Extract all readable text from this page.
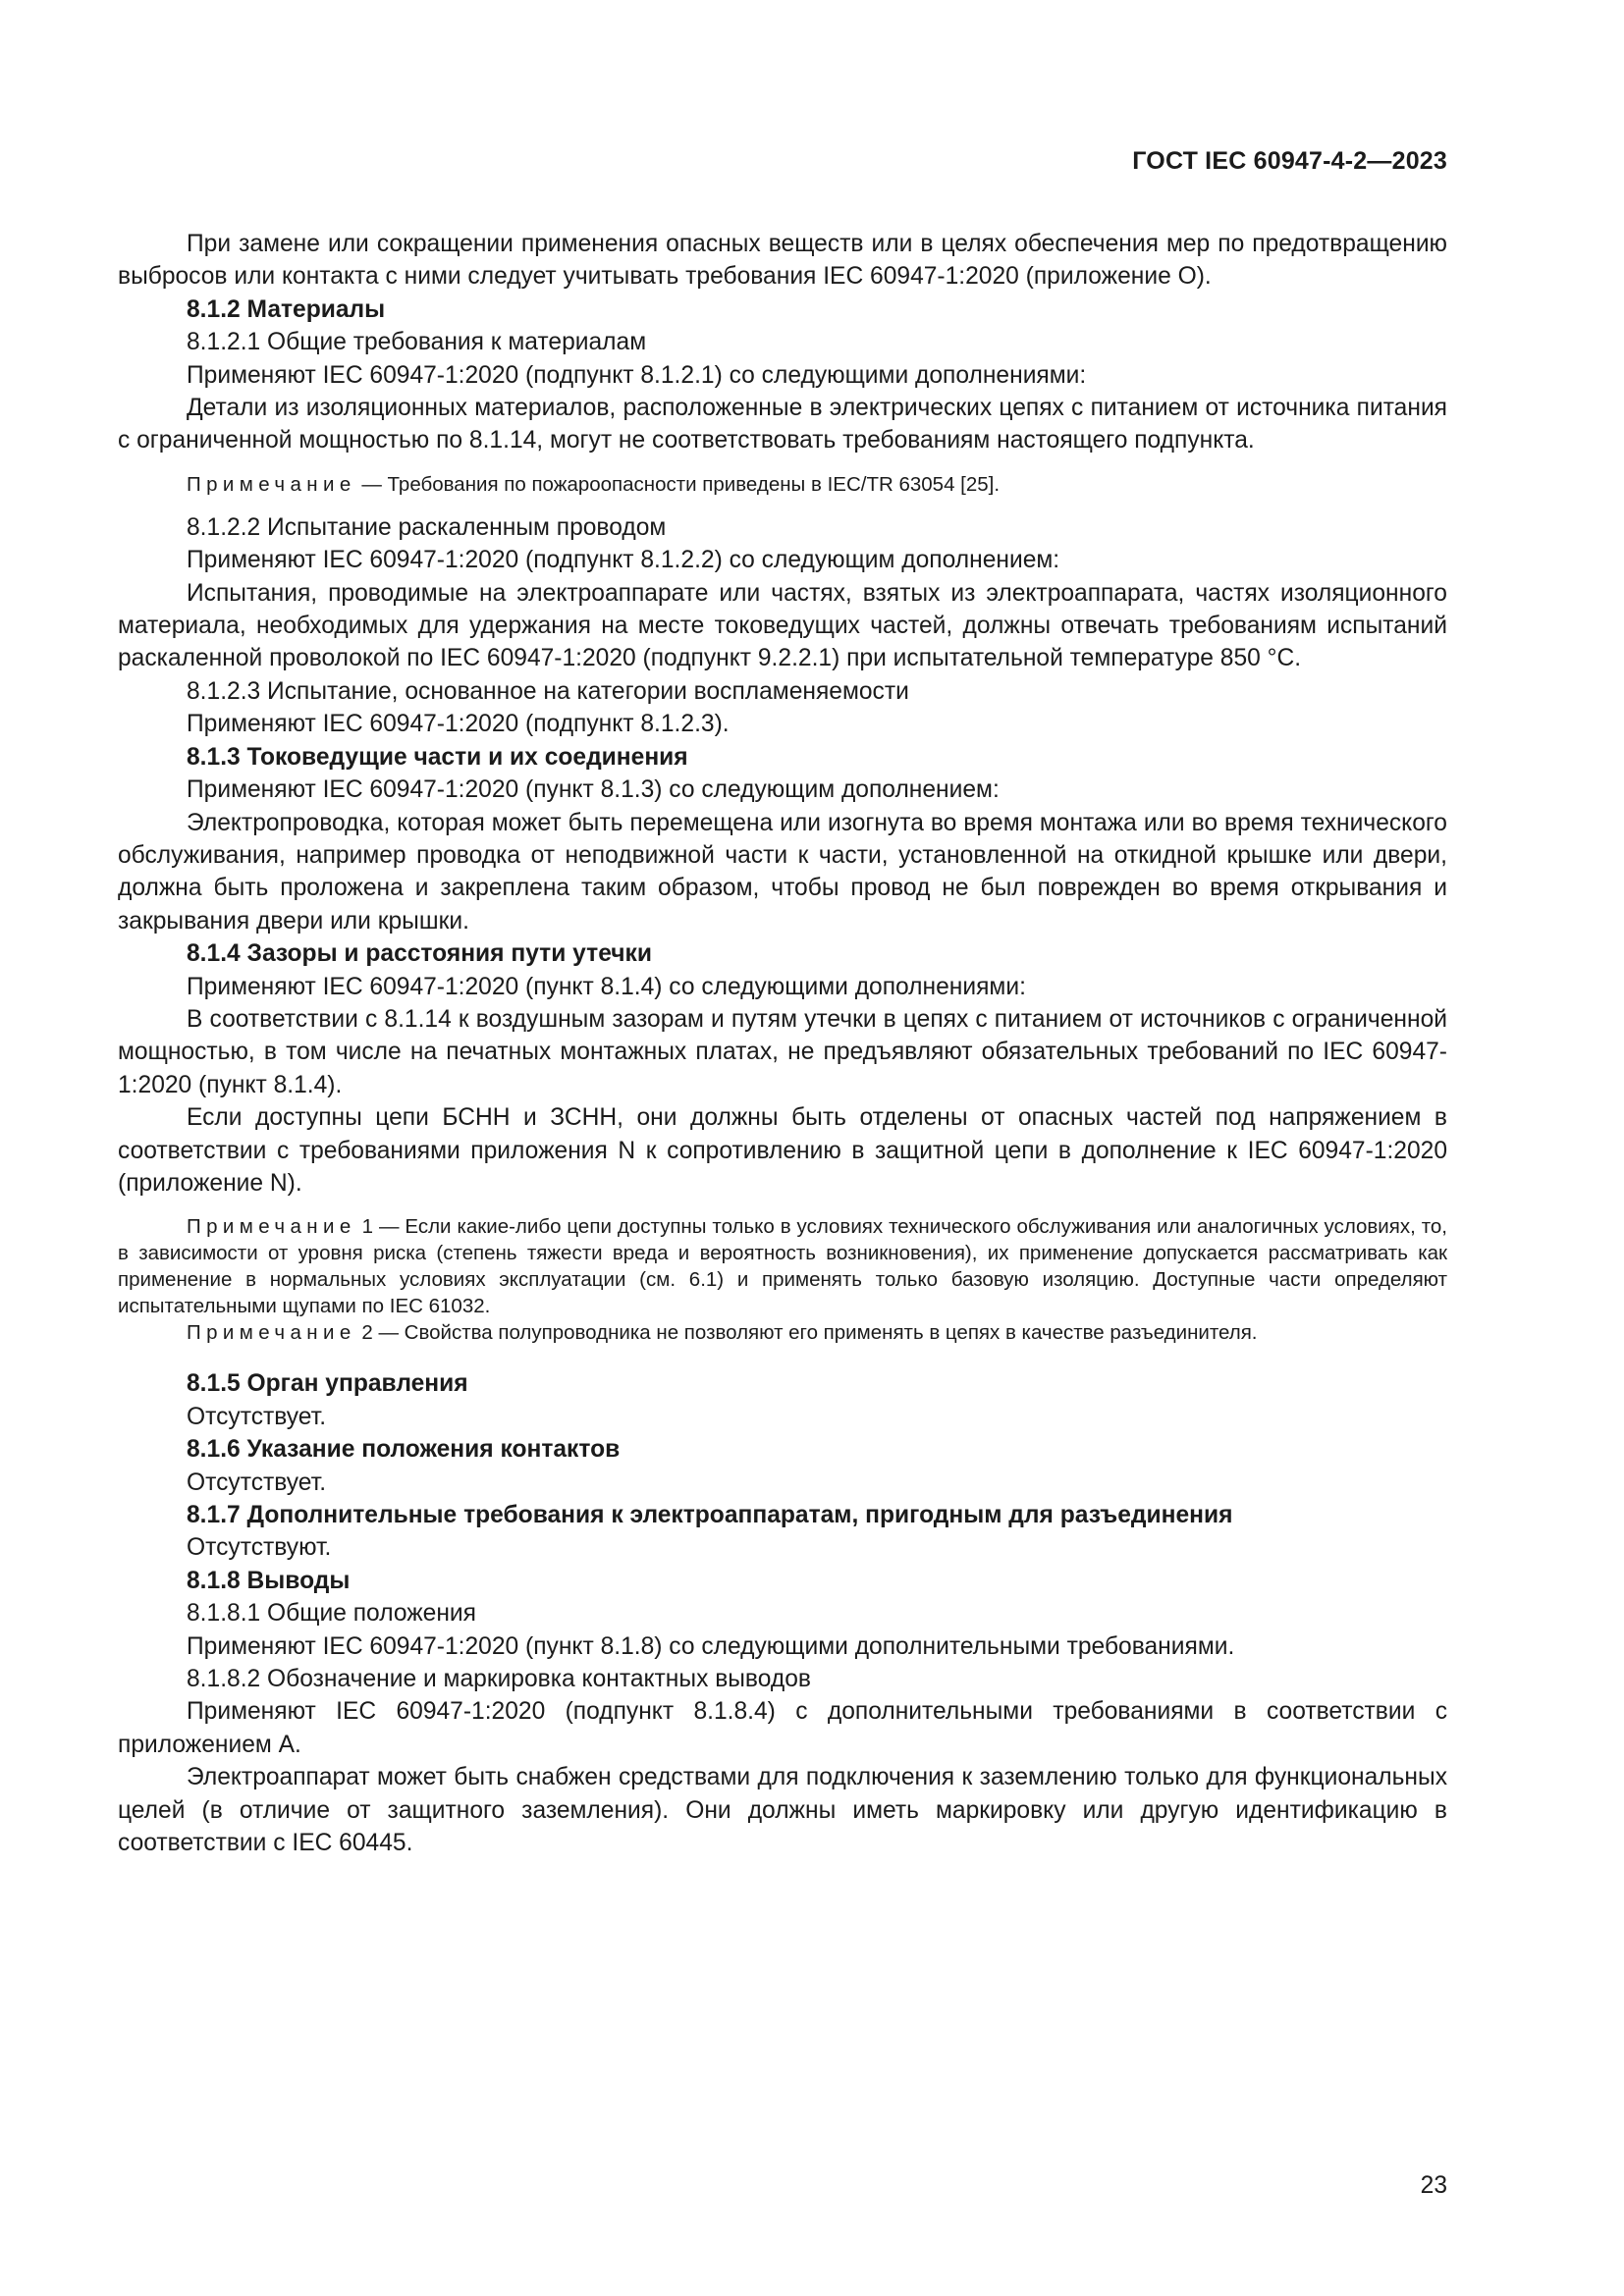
ГОСТ IEC 60947-4-2—2023

При замене или сокращении применения опасных веществ или в целях обеспечения мер по предотвращению выбросов или контакта с ними следует учитывать требования IEC 60947-1:2020 (приложение O).

8.1.2 Материалы

8.1.2.1 Общие требования к материалам

Применяют IEC 60947-1:2020 (подпункт 8.1.2.1) со следующими дополнениями:

Детали из изоляционных материалов, расположенные в электрических цепях с питанием от источника питания с ограниченной мощностью по 8.1.14, могут не соответствовать требованиям настоящего подпункта.

Примечание — Требования по пожароопасности приведены в IEC/TR 63054 [25].

8.1.2.2 Испытание раскаленным проводом

Применяют IEC 60947-1:2020 (подпункт 8.1.2.2) со следующим дополнением:

Испытания, проводимые на электроаппарате или частях, взятых из электроаппарата, частях изоляционного материала, необходимых для удержания на месте токоведущих частей, должны отвечать требованиям испытаний раскаленной проволокой по IEC 60947-1:2020 (подпункт 9.2.2.1) при испытательной температуре 850 °C.

8.1.2.3 Испытание, основанное на категории воспламеняемости

Применяют IEC 60947-1:2020 (подпункт 8.1.2.3).

8.1.3 Токоведущие части и их соединения

Применяют IEC 60947-1:2020 (пункт 8.1.3) со следующим дополнением:

Электропроводка, которая может быть перемещена или изогнута во время монтажа или во время технического обслуживания, например проводка от неподвижной части к части, установленной на откидной крышке или двери, должна быть проложена и закреплена таким образом, чтобы провод не был поврежден во время открывания и закрывания двери или крышки.

8.1.4 Зазоры и расстояния пути утечки

Применяют IEC 60947-1:2020 (пункт 8.1.4) со следующими дополнениями:

В соответствии с 8.1.14 к воздушным зазорам и путям утечки в цепях с питанием от источников с ограниченной мощностью, в том числе на печатных монтажных платах, не предъявляют обязательных требований по IEC 60947-1:2020 (пункт 8.1.4).

Если доступны цепи БСНН и ЗСНН, они должны быть отделены от опасных частей под напряжением в соответствии с требованиями приложения N к сопротивлению в защитной цепи в дополнение к IEC 60947-1:2020 (приложение N).

Примечание 1 — Если какие-либо цепи доступны только в условиях технического обслуживания или аналогичных условиях, то, в зависимости от уровня риска (степень тяжести вреда и вероятность возникновения), их применение допускается рассматривать как применение в нормальных условиях эксплуатации (см. 6.1) и применять только базовую изоляцию. Доступные части определяют испытательными щупами по IEC 61032.

Примечание 2 — Свойства полупроводника не позволяют его применять в цепях в качестве разъединителя.

8.1.5 Орган управления

Отсутствует.

8.1.6 Указание положения контактов

Отсутствует.

8.1.7 Дополнительные требования к электроаппаратам, пригодным для разъединения

Отсутствуют.

8.1.8 Выводы

8.1.8.1 Общие положения

Применяют IEC 60947-1:2020 (пункт 8.1.8) со следующими дополнительными требованиями.

8.1.8.2 Обозначение и маркировка контактных выводов

Применяют IEC 60947-1:2020 (подпункт 8.1.8.4) с дополнительными требованиями в соответствии с приложением А.

Электроаппарат может быть снабжен средствами для подключения к заземлению только для функциональных целей (в отличие от защитного заземления). Они должны иметь маркировку или другую идентификацию в соответствии с IEC 60445.

23
